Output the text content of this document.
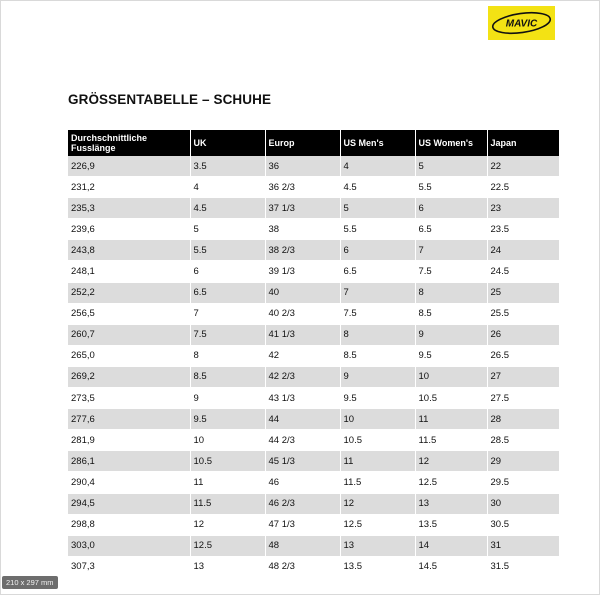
MAVIC
GRÖSSENTABELLE – SCHUHE
Durchschnittliche Fusslänge	UK	Europ	US Men's	US Women's	Japan
226,9	3.5	36	4	5	22
231,2	4	36 2/3	4.5	5.5	22.5
235,3	4.5	37 1/3	5	6	23
239,6	5	38	5.5	6.5	23.5
243,8	5.5	38 2/3	6	7	24
248,1	6	39 1/3	6.5	7.5	24.5
252,2	6.5	40	7	8	25
256,5	7	40 2/3	7.5	8.5	25.5
260,7	7.5	41 1/3	8	9	26
265,0	8	42	8.5	9.5	26.5
269,2	8.5	42 2/3	9	10	27
273,5	9	43 1/3	9.5	10.5	27.5
277,6	9.5	44	10	11	28
281,9	10	44 2/3	10.5	11.5	28.5
286,1	10.5	45 1/3	11	12	29
290,4	11	46	11.5	12.5	29.5
294,5	11.5	46 2/3	12	13	30
298,8	12	47 1/3	12.5	13.5	30.5
303,0	12.5	48	13	14	31
307,3	13	48 2/3	13.5	14.5	31.5
210 x 297 mm
